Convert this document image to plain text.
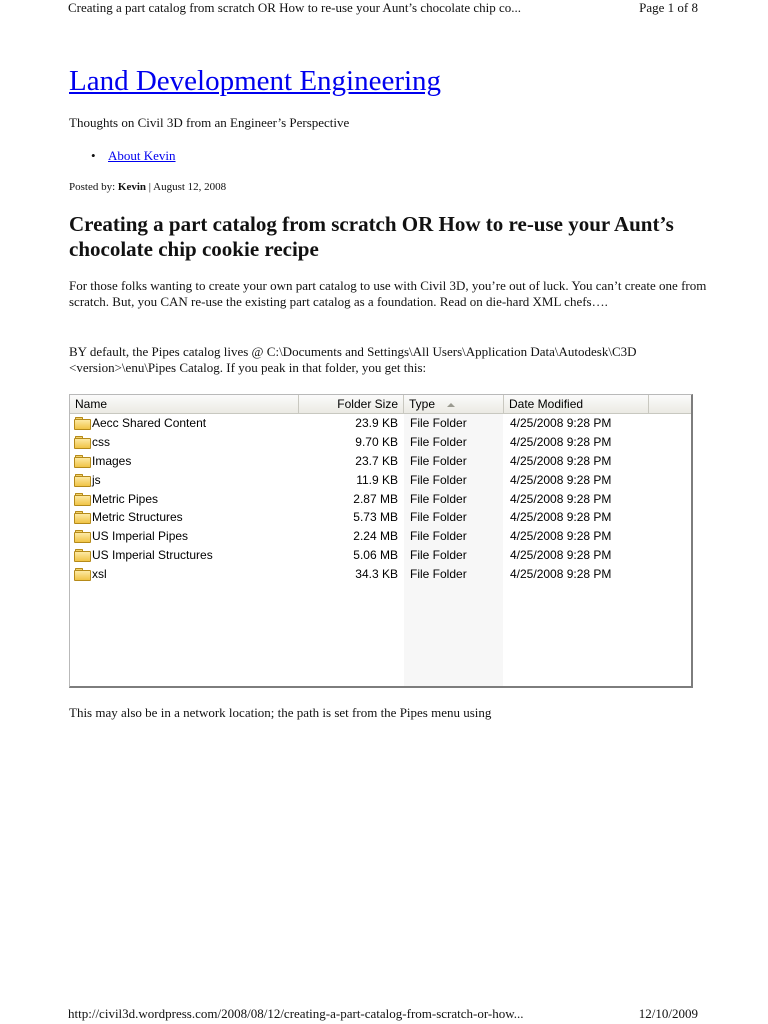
Creating a part catalog from scratch OR How to re-use your Aunt’s chocolate chip co...	Page 1 of 8
Land Development Engineering
Thoughts on Civil 3D from an Engineer’s Perspective
• About Kevin
Posted by: Kevin | August 12, 2008
Creating a part catalog from scratch OR How to re-use your Aunt’s chocolate chip cookie recipe

For those folks wanting to create your own part catalog to use with Civil 3D, you’re out of luck. You can’t create one from scratch. But, you CAN re-use the existing part catalog as a foundation. Read on die-hard XML chefs….

BY default, the Pipes catalog lives @ C:\Documents and Settings\All Users\Application Data\Autodesk\C3D <version>\enu\Pipes Catalog. If you peak in that folder, you get this:

Name	Folder Size Type	Date Modified
Aecc Shared Content	23.9 KB File Folder	4/25/2008 9:28 PM
css	9.70 KB File Folder	4/25/2008 9:28 PM
Images	23.7 KB File Folder	4/25/2008 9:28 PM
js	11.9 KB File Folder	4/25/2008 9:28 PM
Metric Pipes	2.87 MB File Folder	4/25/2008 9:28 PM
Metric Structures	5.73 MB File Folder	4/25/2008 9:28 PM
US Imperial Pipes	2.24 MB File Folder	4/25/2008 9:28 PM
US Imperial Structures	5.06 MB File Folder	4/25/2008 9:28 PM
xsl	34.3 KB File Folder	4/25/2008 9:28 PM

This may also be in a network location; the path is set from the Pipes menu using

http://civil3d.wordpress.com/2008/08/12/creating-a-part-catalog-from-scratch-or-how...	12/10/2009
